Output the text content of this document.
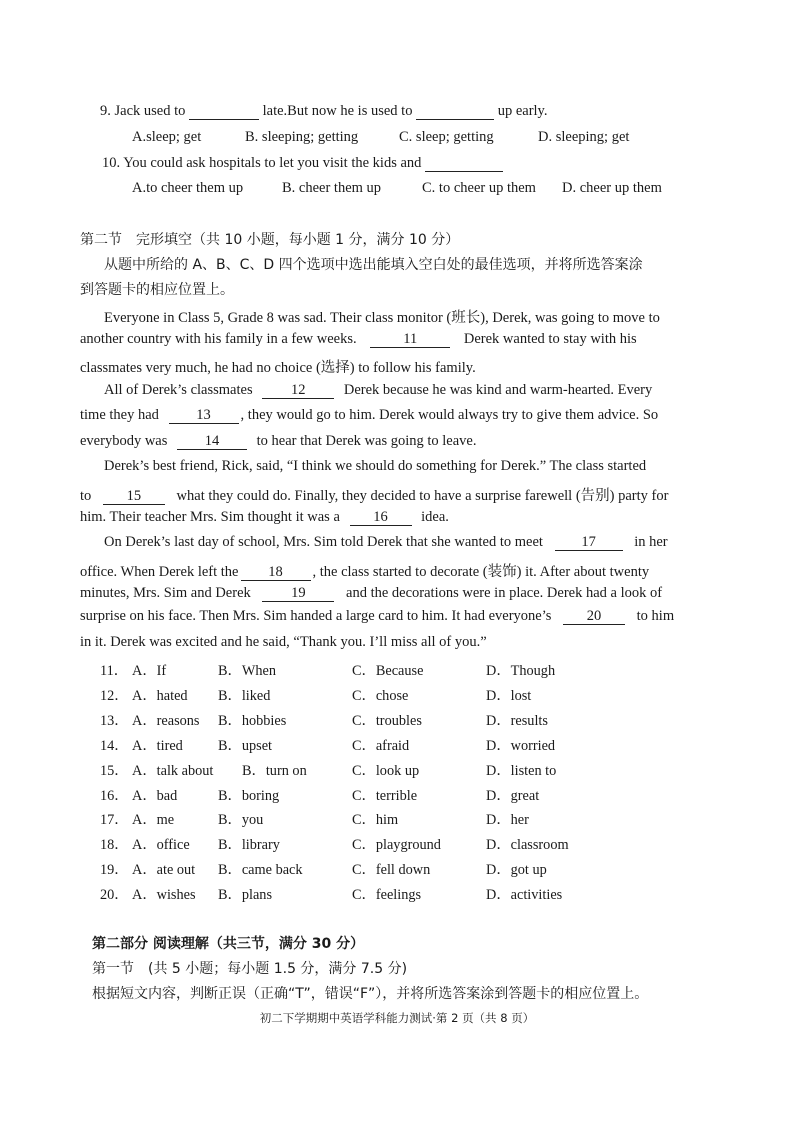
9. Jack used to	late.But now he is used to	up early.
A.sleep; get	B. sleeping; getting	C. sleep; getting	D. sleeping; get
10. You could ask hospitals to let you visit the kids and
A.to cheer them up	B. cheer them up	C. to cheer up them D. cheer up them
第二节　完形填空（共 10 小题，每小题 1 分，满分 10 分）
从题中所给的 A、B、C、D 四个选项中选出能填入空白处的最佳选项，并将所选答案涂
到答题卡的相应位置上。
Everyone in Class 5, Grade 8 was sad. Their class monitor (班长), Derek, was going to move to
another country with his family in a few weeks.	11	Derek wanted to stay with his
classmates very much, he had no choice (选择) to follow his family.
All of Derek’s classmates	12	Derek because he was kind and warm-hearted. Every
time they had	13 , they would go to him. Derek would always try to give them advice. So
everybody was	14	to hear that Derek was going to leave.
Derek’s best friend, Rick, said, “I think we should do something for Derek.” The class started
to 15 what they could do. Finally, they decided to have a surprise farewell (告别) party for
him. Their teacher Mrs. Sim thought it was a 16 idea.
On Derek’s last day of school, Mrs. Sim told Derek that she wanted to meet	17	in her
office. When Derek left the 18 , the class started to decorate (装饰) it. After about twenty
minutes, Mrs. Sim and Derek	19	and the decorations were in place. Derek had a look of
surprise on his face. Then Mrs. Sim handed a large card to him. It had everyone’s 20 to him
in it. Derek was excited and he said, “Thank you. I’ll miss all of you.”
11． A．If	B．When	C．Because	D．Though
12． A．hated B．liked	C．chose	D．lost
13． A．reasons B．hobbies	C．troubles	D．results
14． A．tired B．upset	C．afraid	D．worried
15． A．talk about B．turn on	C．look up	D．listen to
16． A．bad	B．boring	C．terrible	D．great
17． A．me	B．you	C．him	D．her
18． A．office B．library	C．playground	D．classroom
19． A．ate out B．came back	C．fell down	D．got up
20． A．wishes B．plans	C．feelings	D．activities
第二部分 阅读理解（共三节，满分 30 分）
第一节　(共 5 小题；每小题 1.5 分，满分 7.5 分)
根据短文内容，判断正误（正确“T”，错误“F”），并将所选答案涂到答题卡的相应位置上。
初二下学期期中英语学科能力测试·第 2 页（共 8 页）
